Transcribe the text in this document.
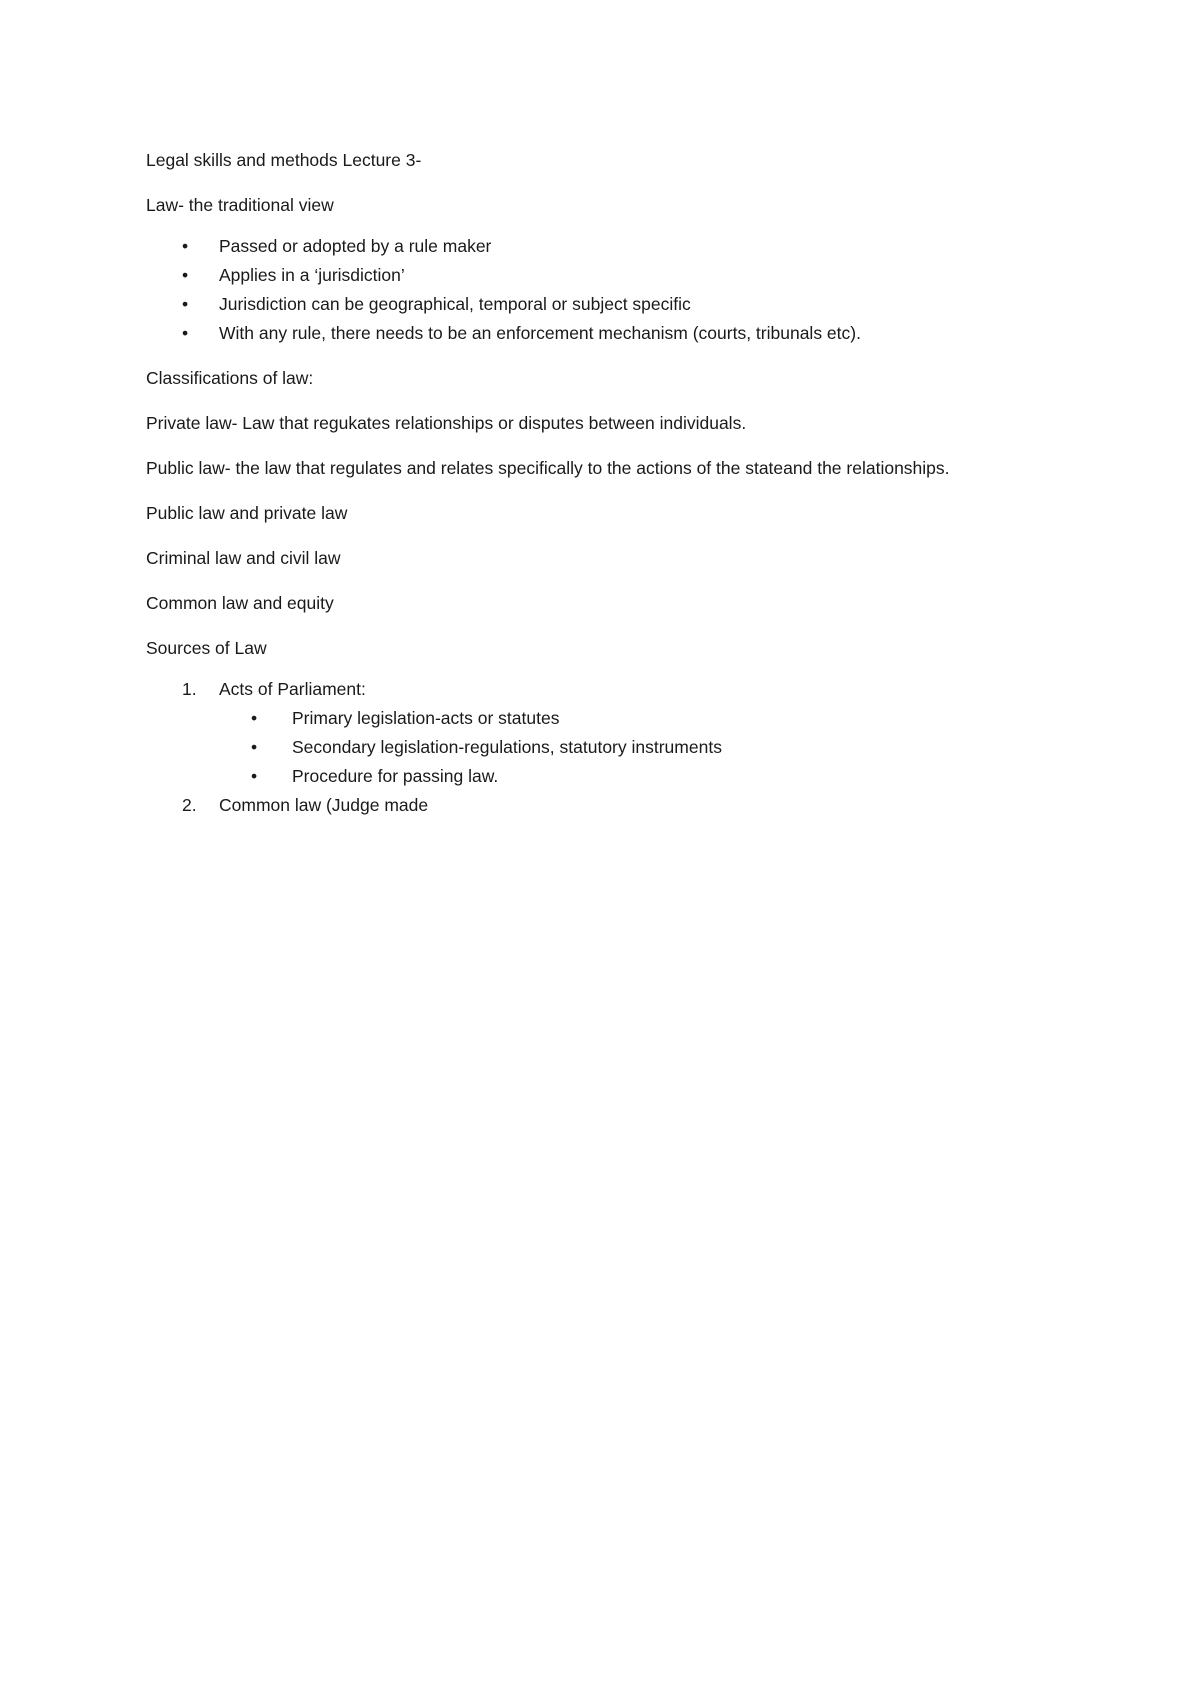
Legal skills and methods Lecture 3-

Law- the traditional view

• Passed or adopted by a rule maker
• Applies in a ‘jurisdiction’
• Jurisdiction can be geographical, temporal or subject specific
• With any rule, there needs to be an enforcement mechanism (courts, tribunals etc).

Classifications of law:

Private law- Law that regukates relationships or disputes between individuals.

Public law- the law that regulates and relates specifically to the actions of the stateand the relationships.

Public law and private law

Criminal law and civil law

Common law and equity

Sources of Law

1. Acts of Parliament:
• Primary legislation-acts or statutes
• Secondary legislation-regulations, statutory instruments
• Procedure for passing law.
2. Common law (Judge made
